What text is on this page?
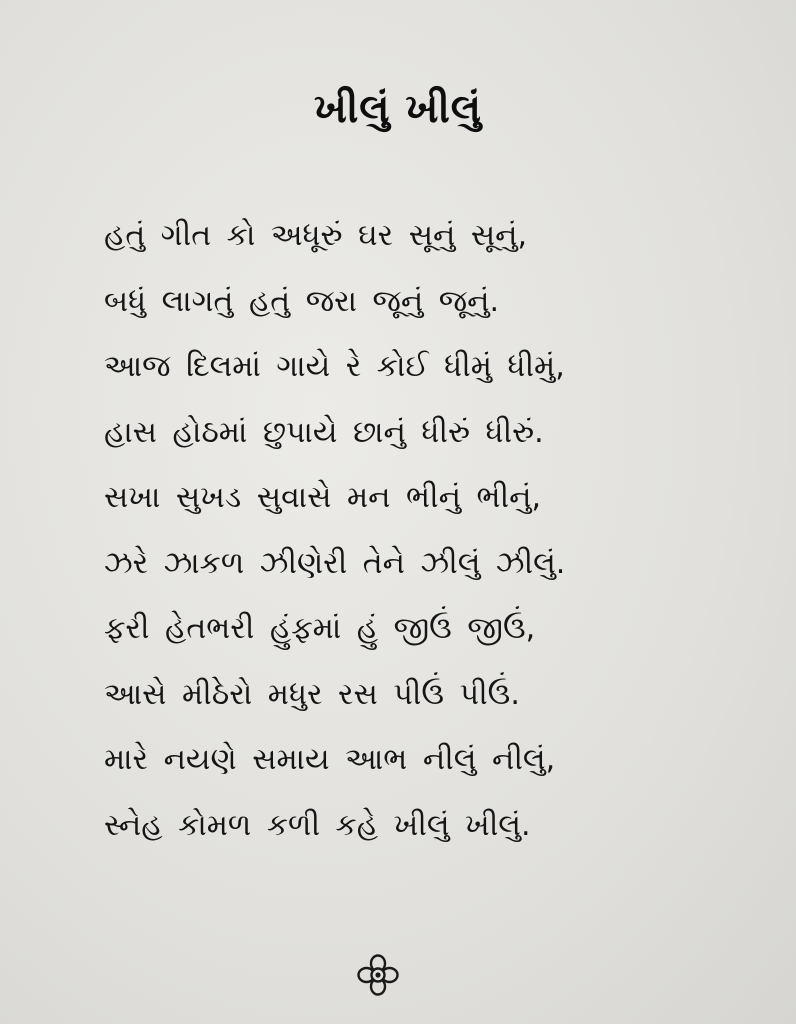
ખીલું ખીલું
હતું ગીત કો અધૂરું ઘર સૂનું સૂનું,
બધું લાગતું હતું જરા જૂનું જૂનું.
આજ દિલમાં ગાયે રે કોઈ ધીમું ધીમું,
હાસ હોઠમાં છુપાયે છાનું ધીરું ધીરું.
સખા સુખડ સુવાસે મન ભીનું ભીનું,
ઝરે ઝાકળ ઝીણેરી તેને ઝીલું ઝીલું.
ફરી હેતભરી હુંફમાં હું જીઉં જીઉં,
આસે મીઠેરો મધુર રસ પીઉં પીઉં.
મારે નયણે સમાય આભ નીલું નીલું,
સ્નેહ કોમળ કળી કહે ખીલું ખીલું.
